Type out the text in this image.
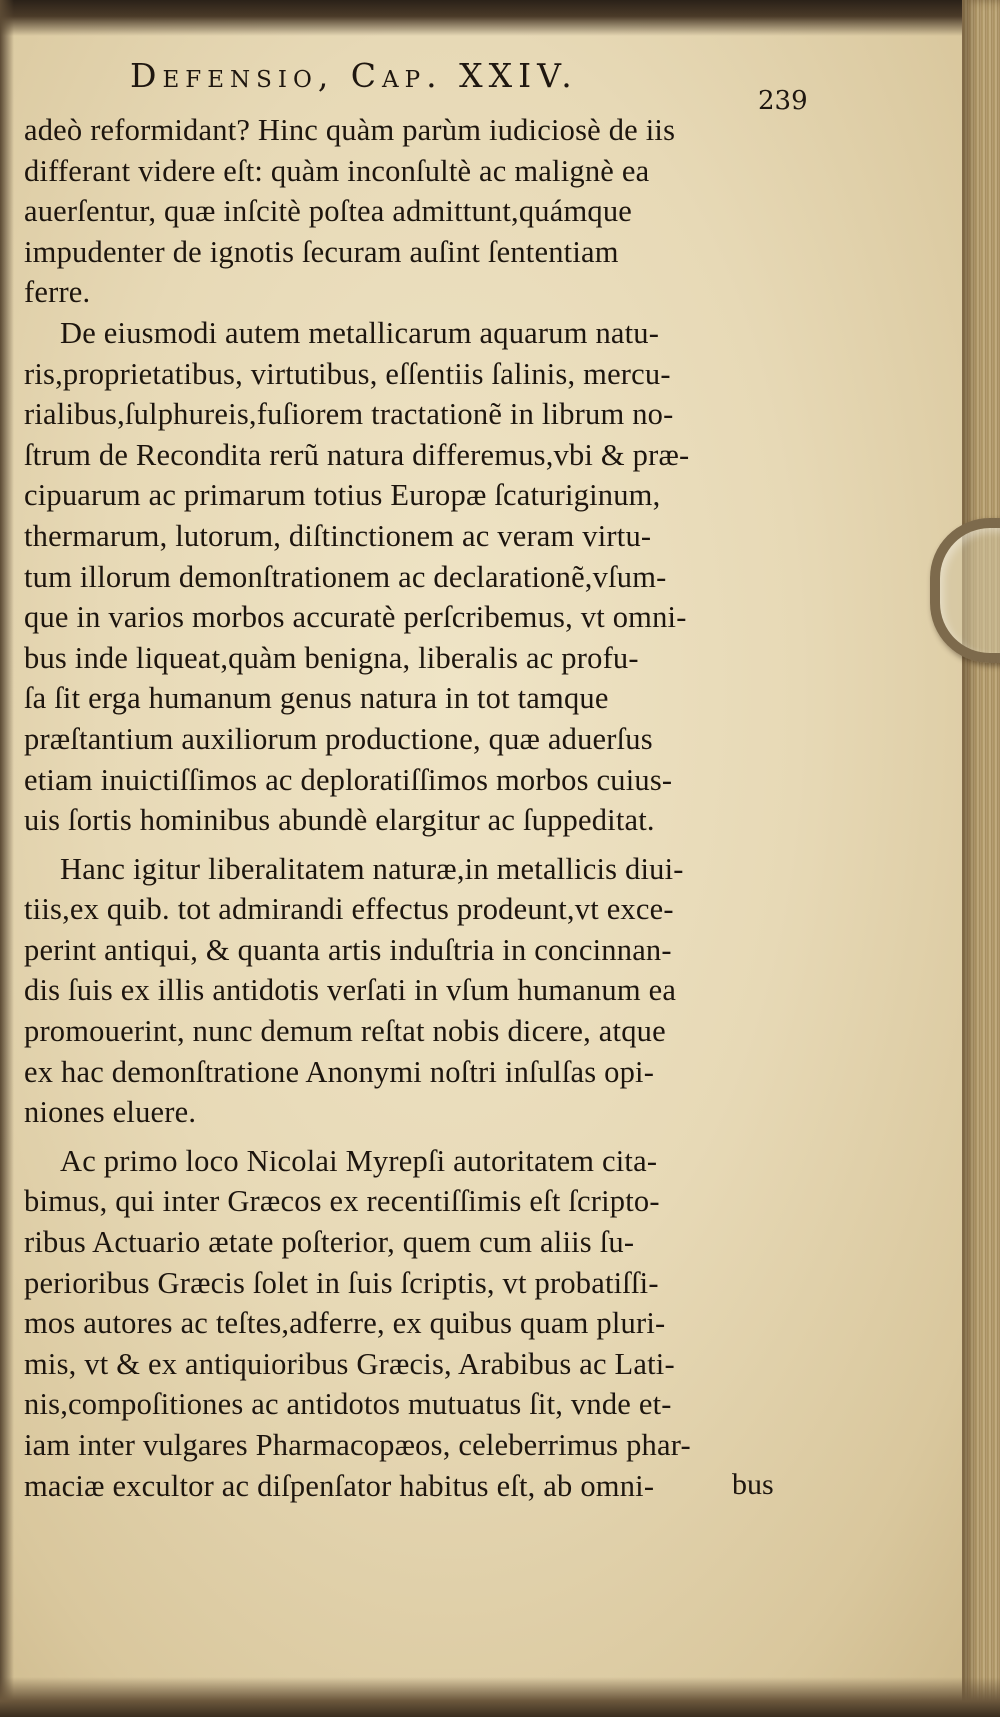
Defensio, Cap. XXIV.
239
adeò reformidant? Hinc quàm parùm iudiciosè de iis
differant videre eſt: quàm inconſultè ac malignè ea
auerſentur, quæ inſcitè poſtea admittunt,quámque
impudenter de ignotis ſecuram auſint ſententiam
ferre.
De eiusmodi autem metallicarum aquarum natu-
ris,proprietatibus, virtutibus, eſſentiis ſalinis, mercu-
rialibus,ſulphureis,fuſiorem tractationẽ in librum no-
ſtrum de Recondita rerũ natura differemus,vbi & præ-
cipuarum ac primarum totius Europæ ſcaturiginum,
thermarum, lutorum, diſtinctionem ac veram virtu-
tum illorum demonſtrationem ac declarationẽ,vſum-
que in varios morbos accuratè perſcribemus, vt omni-
bus inde liqueat,quàm benigna, liberalis ac profu-
ſa ſit erga humanum genus natura in tot tamque
præſtantium auxiliorum productione, quæ aduerſus
etiam inuictiſſimos ac deploratiſſimos morbos cuius-
uis ſortis hominibus abundè elargitur ac ſuppeditat.
Hanc igitur liberalitatem naturæ,in metallicis diui-
tiis,ex quib. tot admirandi effectus prodeunt,vt exce-
perint antiqui, & quanta artis induſtria in concinnan-
dis ſuis ex illis antidotis verſati in vſum humanum ea
promouerint, nunc demum reſtat nobis dicere, atque
ex hac demonſtratione Anonymi noſtri inſulſas opi-
niones eluere.
Ac primo loco Nicolai Myrepſi autoritatem cita-
bimus, qui inter Græcos ex recentiſſimis eſt ſcripto-
ribus Actuario ætate poſterior, quem cum aliis ſu-
perioribus Græcis ſolet in ſuis ſcriptis, vt probatiſſi-
mos autores ac teſtes,adferre, ex quibus quam pluri-
mis, vt & ex antiquioribus Græcis, Arabibus ac Lati-
nis,compoſitiones ac antidotos mutuatus ſit, vnde et-
iam inter vulgares Pharmacopæos, celeberrimus phar-
maciæ excultor ac diſpenſator habitus eſt, ab omni-	bus
